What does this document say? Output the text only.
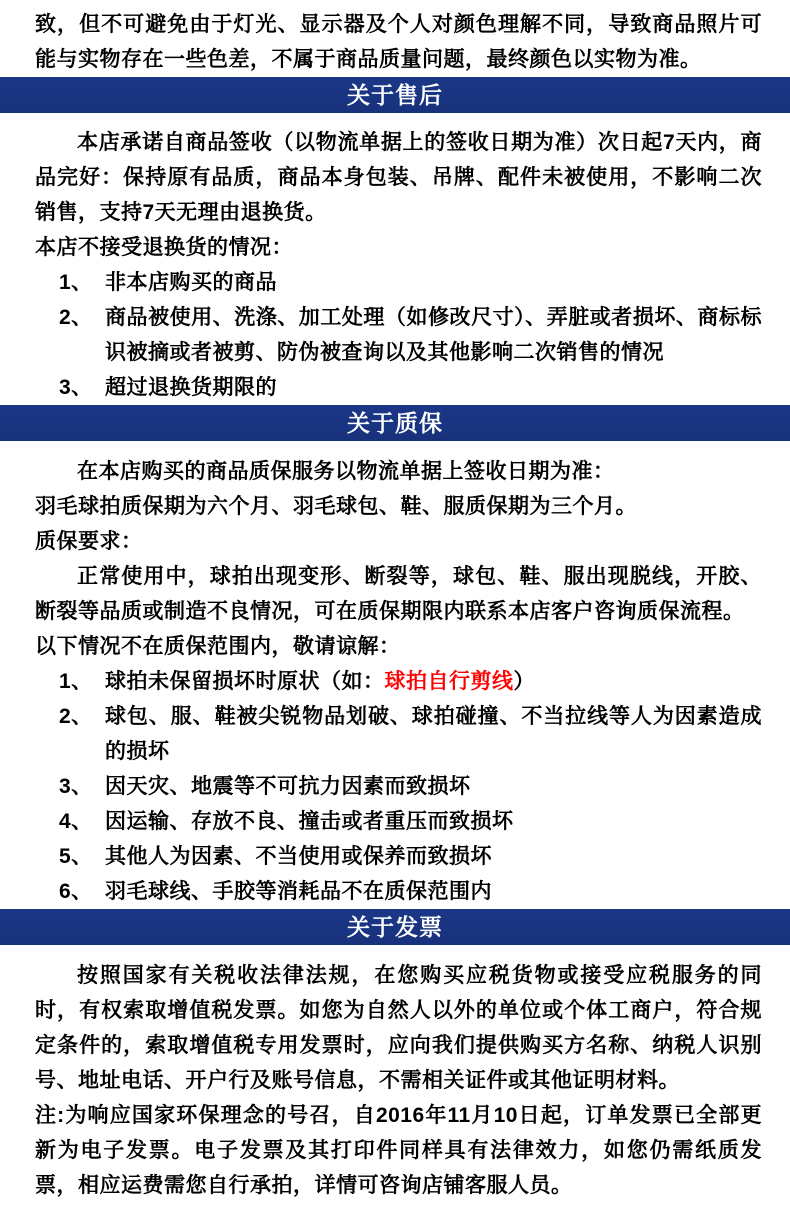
致，但不可避免由于灯光、显示器及个人对颜色理解不同，导致商品照片可能与实物存在一些色差，不属于商品质量问题，最终颜色以实物为准。

关于售后

本店承诺自商品签收（以物流单据上的签收日期为准）次日起7天内，商品完好：保持原有品质，商品本身包装、吊牌、配件未被使用，不影响二次销售，支持7天无理由退换货。

本店不接受退换货的情况：

1、 非本店购买的商品
2、 商品被使用、洗涤、加工处理（如修改尺寸）、弄脏或者损坏、商标标识被摘或者被剪、防伪被查询以及其他影响二次销售的情况
3、 超过退换货期限的
关于质保

在本店购买的商品质保服务以物流单据上签收日期为准：

羽毛球拍质保期为六个月、羽毛球包、鞋、服质保期为三个月。

质保要求：

正常使用中，球拍出现变形、断裂等，球包、鞋、服出现脱线，开胶、断裂等品质或制造不良情况，可在质保期限内联系本店客户咨询质保流程。

以下情况不在质保范围内，敬请谅解：

1、 球拍未保留损坏时原状（如：球拍自行剪线）
2、 球包、服、鞋被尖锐物品划破、球拍碰撞、不当拉线等人为因素造成的损坏
3、 因天灾、地震等不可抗力因素而致损坏
4、 因运输、存放不良、撞击或者重压而致损坏
5、 其他人为因素、不当使用或保养而致损坏
6、 羽毛球线、手胶等消耗品不在质保范围内
关于发票

按照国家有关税收法律法规，在您购买应税货物或接受应税服务的同时，有权索取增值税发票。如您为自然人以外的单位或个体工商户，符合规定条件的，索取增值税专用发票时，应向我们提供购买方名称、纳税人识别号、地址电话、开户行及账号信息，不需相关证件或其他证明材料。

注:为响应国家环保理念的号召，自2016年11月10日起，订单发票已全部更新为电子发票。电子发票及其打印件同样具有法律效力，如您仍需纸质发票，相应运费需您自行承拍，详情可咨询店铺客服人员。
